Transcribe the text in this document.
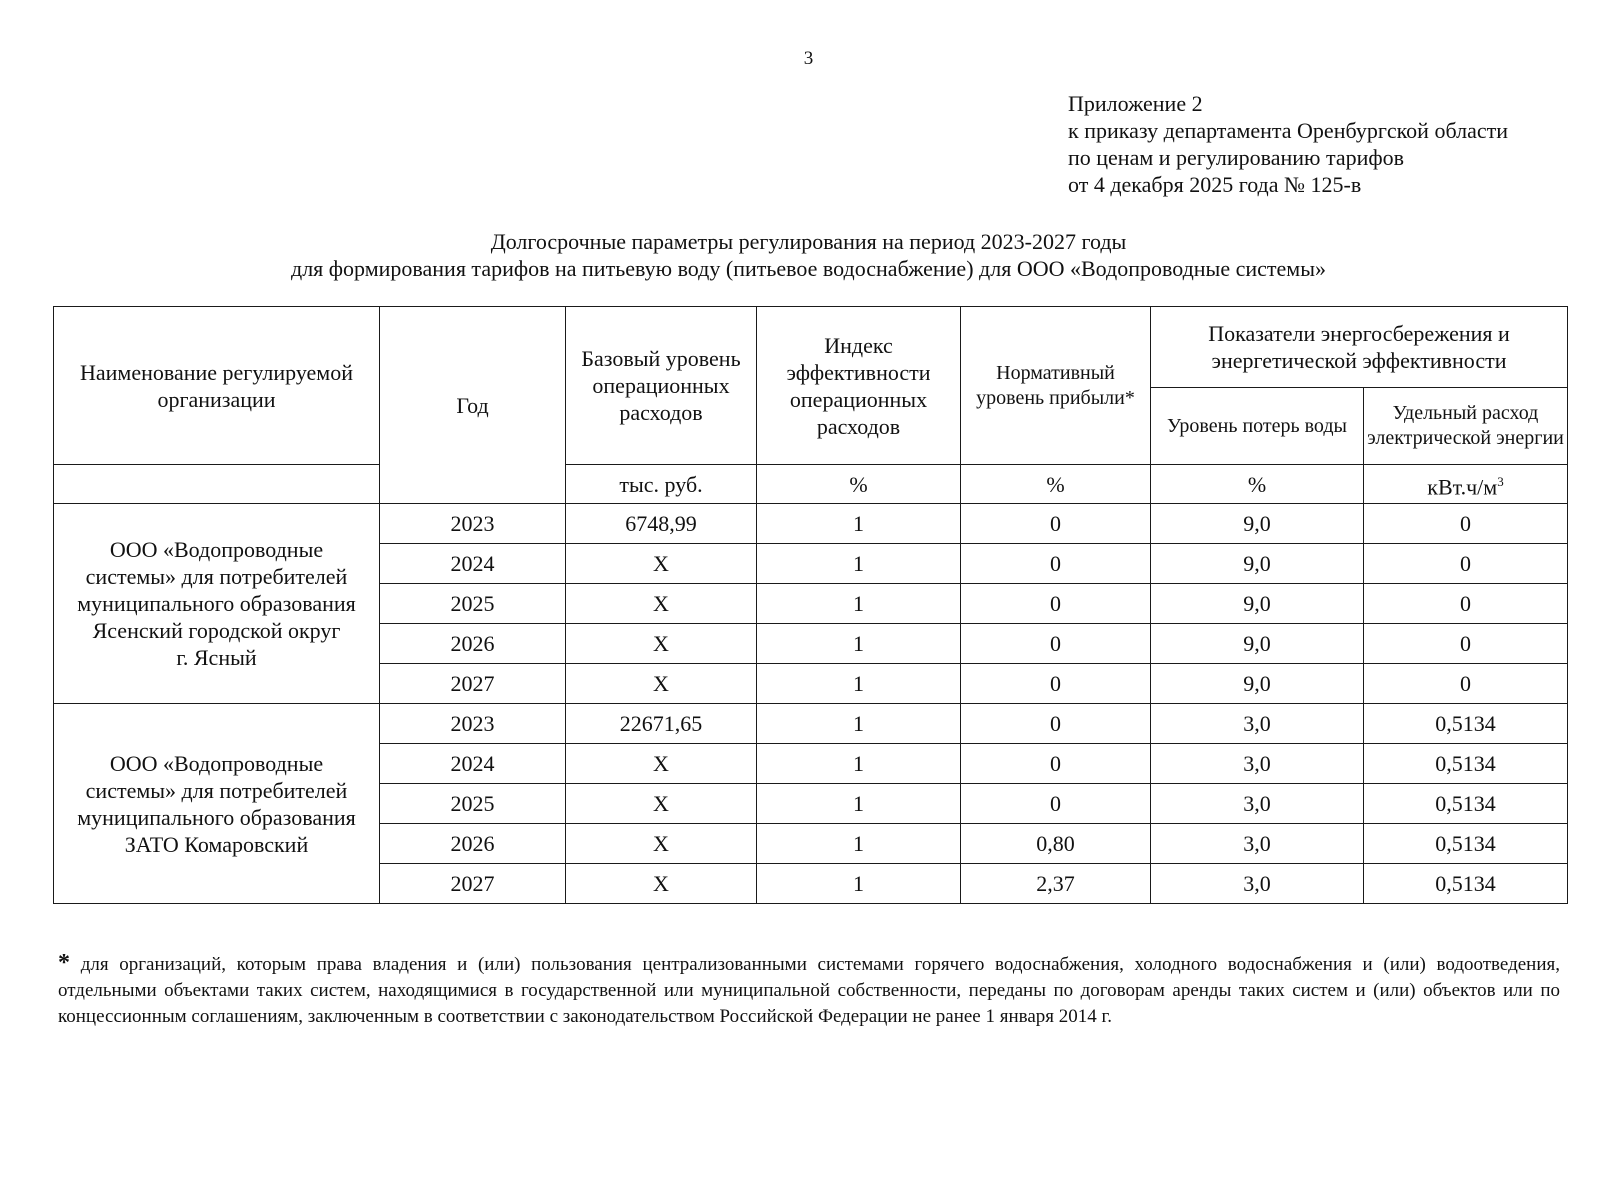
3
Приложение 2
к приказу департамента Оренбургской области
по ценам и регулированию тарифов
от 4 декабря 2025 года № 125-в
Долгосрочные параметры регулирования на период 2023-2027 годы
для формирования тарифов на питьевую воду (питьевое водоснабжение) для ООО «Водопроводные системы»
Наименование регулируемой организации	Год	Базовый уровень операционных расходов	Индекс эффективности операционных расходов	Нормативный уровень прибыли*	Показатели энергосбережения и энергетической эффективности	
					Уровень потерь воды	Удельный расход электрической энергии
		тыс. руб.	%	%	%	$кВт.ч/м^3$

ООО «Водопроводные
системы» для потребителей
муниципального образования
Ясенский городской округ
г. Ясный	2023	6748,99	1	0	9,0	0
	2024	X	1	0	9,0	0
	2025	X	1	0	9,0	0
	2026	X	1	0	9,0	0
	2027	X	1	0	9,0	0

ООО «Водопроводные
системы» для потребителей
муниципального образования
ЗАТО Комаровский	2023	22671,65	1	0	3,0	0,5134
	2024	X	1	0	3,0	0,5134
	2025	X	1	0	3,0	0,5134
	2026	X	1	0,80	3,0	0,5134
	2027	X	1	2,37	3,0	0,5134
* для организаций, которым права владения и (или) пользования централизованными системами горячего водоснабжения, холодного водоснабжения и (или) водоотведения, отдельными объектами таких систем, находящимися в государственной или муниципальной собственности, переданы по договорам аренды таких систем и (или) объектов или по концессионным соглашениям, заключенным в соответствии с законодательством Российской Федерации не ранее 1 января 2014 г.
